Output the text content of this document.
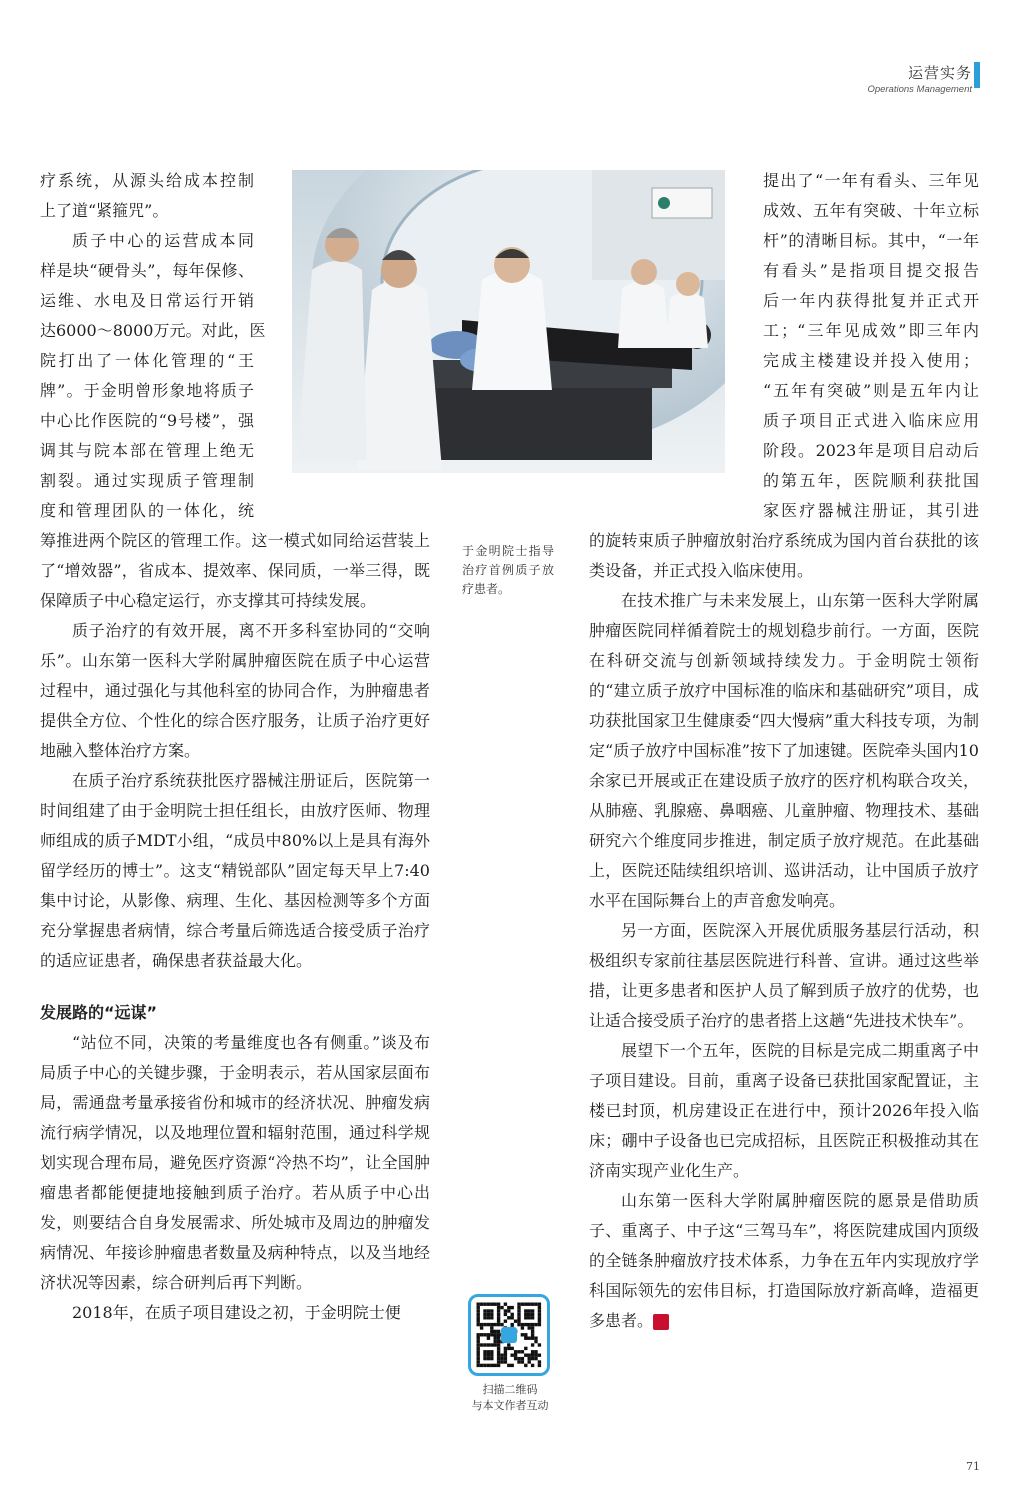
运营实务
Operations Management
疗系统，从源头给成本控制
上了道“紧箍咒”。
质子中心的运营成本同
样是块“硬骨头”，每年保修、
运维、水电及日常运行开销
达6000～8000万元。对此，医
院打出了一体化管理的“王
牌”。于金明曾形象地将质子
中心比作医院的“9号楼”，强
调其与院本部在管理上绝无
割裂。通过实现质子管理制
度和管理团队的一体化，统
于金明院士指导治疗首例质子放疗患者。

筹推进两个院区的管理工作。这一模式如同给运营装上了“增效器”，省成本、提效率、保同质，一举三得，既保障质子中心稳定运行，亦支撑其可持续发展。

质子治疗的有效开展，离不开多科室协同的“交响乐”。山东第一医科大学附属肿瘤医院在质子中心运营过程中，通过强化与其他科室的协同合作，为肿瘤患者提供全方位、个性化的综合医疗服务，让质子治疗更好地融入整体治疗方案。

在质子治疗系统获批医疗器械注册证后，医院第一时间组建了由于金明院士担任组长，由放疗医师、物理师组成的质子MDT小组，“成员中80%以上是具有海外留学经历的博士”。这支“精锐部队”固定每天早上7:40集中讨论，从影像、病理、生化、基因检测等多个方面充分掌握患者病情，综合考量后筛选适合接受质子治疗的适应证患者，确保患者获益最大化。

发展路的“远谋”

“站位不同，决策的考量维度也各有侧重。”谈及布局质子中心的关键步骤，于金明表示，若从国家层面布局，需通盘考量承接省份和城市的经济状况、肿瘤发病流行病学情况，以及地理位置和辐射范围，通过科学规划实现合理布局，避免医疗资源“冷热不均”，让全国肿瘤患者都能便捷地接触到质子治疗。若从质子中心出发，则要结合自身发展需求、所处城市及周边的肿瘤发病情况、年接诊肿瘤患者数量及病种特点，以及当地经济状况等因素，综合研判后再下判断。

2018年，在质子项目建设之初，于金明院士便

提出了“一年有看头、三年见
成效、五年有突破、十年立标
杆”的清晰目标。其中，“一年
有看头”是指项目提交报告
后一年内获得批复并正式开
工；“三年见成效”即三年内
完成主楼建设并投入使用；
“五年有突破”则是五年内让
质子项目正式进入临床应用
阶段。2023年是项目启动后
的第五年，医院顺利获批国
家医疗器械注册证，其引进

的旋转束质子肿瘤放射治疗系统成为国内首台获批的该类设备，并正式投入临床使用。

在技术推广与未来发展上，山东第一医科大学附属肿瘤医院同样循着院士的规划稳步前行。一方面，医院在科研交流与创新领域持续发力。于金明院士领衔的“建立质子放疗中国标准的临床和基础研究”项目，成功获批国家卫生健康委“四大慢病”重大科技专项，为制定“质子放疗中国标准”按下了加速键。医院牵头国内10余家已开展或正在建设质子放疗的医疗机构联合攻关，从肺癌、乳腺癌、鼻咽癌、儿童肿瘤、物理技术、基础研究六个维度同步推进，制定质子放疗规范。在此基础上，医院还陆续组织培训、巡讲活动，让中国质子放疗水平在国际舞台上的声音愈发响亮。

另一方面，医院深入开展优质服务基层行活动，积极组织专家前往基层医院进行科普、宣讲。通过这些举措，让更多患者和医护人员了解到质子放疗的优势，也让适合接受质子治疗的患者搭上这趟“先进技术快车”。

展望下一个五年，医院的目标是完成二期重离子中子项目建设。目前，重离子设备已获批国家配置证，主楼已封顶，机房建设正在进行中，预计2026年投入临床；硼中子设备也已完成招标，且医院正积极推动其在济南实现产业化生产。

山东第一医科大学附属肿瘤医院的愿景是借助质子、重离子、中子这“三驾马车”，将医院建成国内顶级的全链条肿瘤放疗技术体系，力争在五年内实现放疗学科国际领先的宏伟目标，打造国际放疗新高峰，造福更多患者。	健

扫描二维码
与本文作者互动
71
